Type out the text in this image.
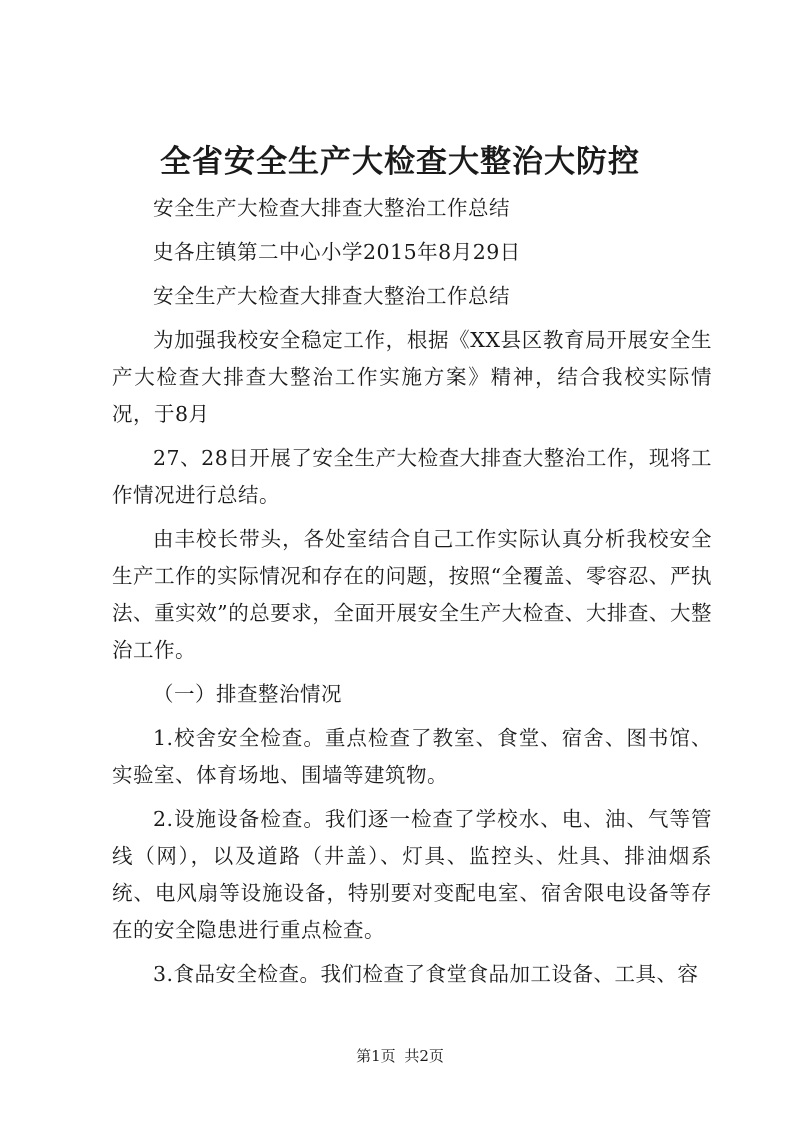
全省安全生产大检查大整治大防控

安全生产大检查大排查大整治工作总结

史各庄镇第二中心小学2015年8月29日

安全生产大检查大排查大整治工作总结

为加强我校安全稳定工作，根据《XX县区教育局开展安全生产大检查大排查大整治工作实施方案》精神，结合我校实际情况，于8月

27、28日开展了安全生产大检查大排查大整治工作，现将工作情况进行总结。

由丰校长带头，各处室结合自己工作实际认真分析我校安全生产工作的实际情况和存在的问题，按照“全覆盖、零容忍、严执法、重实效”的总要求，全面开展安全生产大检查、大排查、大整治工作。

（一）排查整治情况

1.校舍安全检查。重点检查了教室、食堂、宿舍、图书馆、实验室、体育场地、围墙等建筑物。

2.设施设备检查。我们逐一检查了学校水、电、油、气等管线（网），以及道路（井盖）、灯具、监控头、灶具、排油烟系统、电风扇等设施设备，特别要对变配电室、宿舍限电设备等存在的安全隐患进行重点检查。

3.食品安全检查。我们检查了食堂食品加工设备、工具、容

第1页 共2页
